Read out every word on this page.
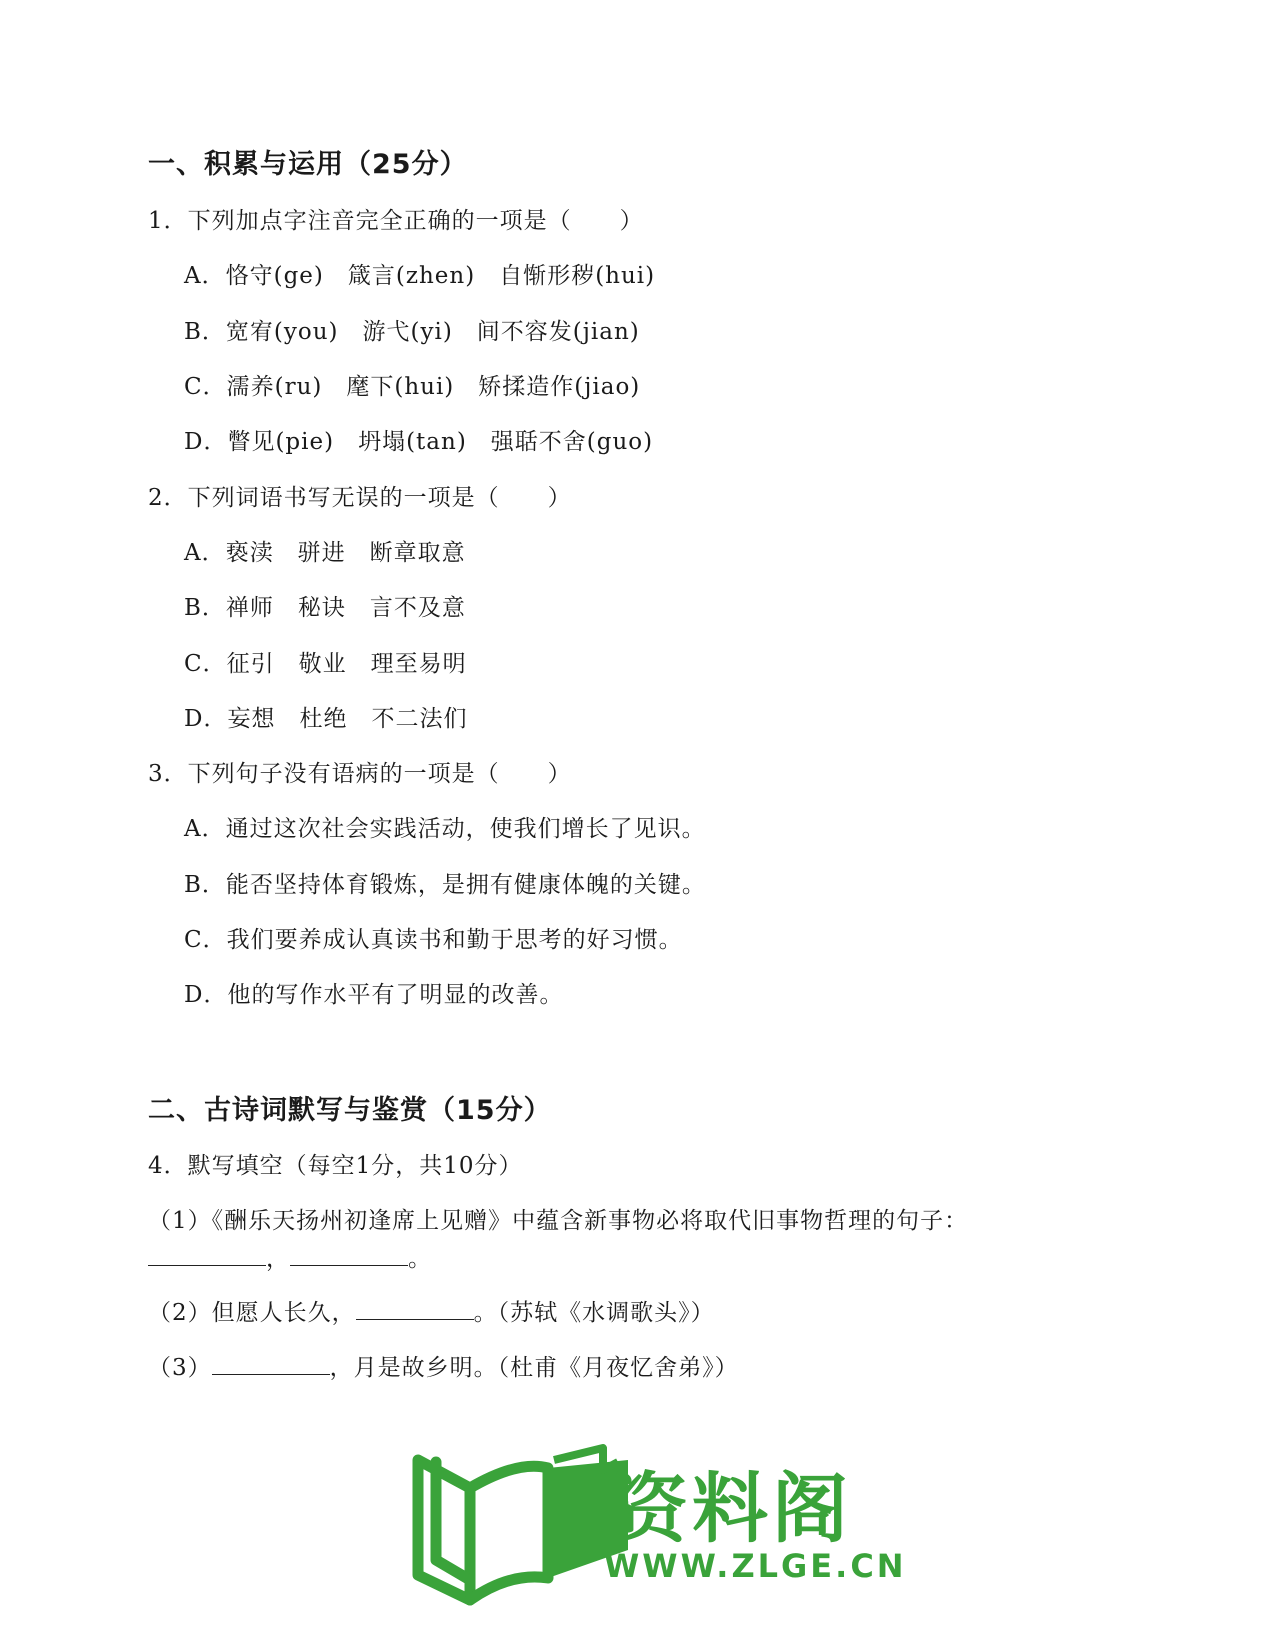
一、积累与运用（25分）
1．下列加点字注音完全正确的一项是（　　）
A．恪守(ge)　箴言(zhen)　自惭形秽(hui)
B．宽宥(you)　游弋(yi)　间不容发(jian)
C．濡养(ru)　麾下(hui)　矫揉造作(jiao)
D．瞥见(pie)　坍塌(tan)　强聒不舍(guo)
2．下列词语书写无误的一项是（　　）
A．亵渎　骈进　断章取意
B．禅师　秘诀　言不及意
C．征引　敬业　理至易明
D．妄想　杜绝　不二法们
3．下列句子没有语病的一项是（　　）
A．通过这次社会实践活动，使我们增长了见识。
B．能否坚持体育锻炼，是拥有健康体魄的关键。
C．我们要养成认真读书和勤于思考的好习惯。
D．他的写作水平有了明显的改善。
二、古诗词默写与鉴赏（15分）
4．默写填空（每空1分，共10分）
（1）《酬乐天扬州初逢席上见赠》中蕴含新事物必将取代旧事物哲理的句子：
，	。
（2）但愿人长久，	。（苏轼《水调歌头》）
（3）	，月是故乡明。（杜甫《月夜忆舍弟》）
资料阁
WWW.ZLGE.CN
